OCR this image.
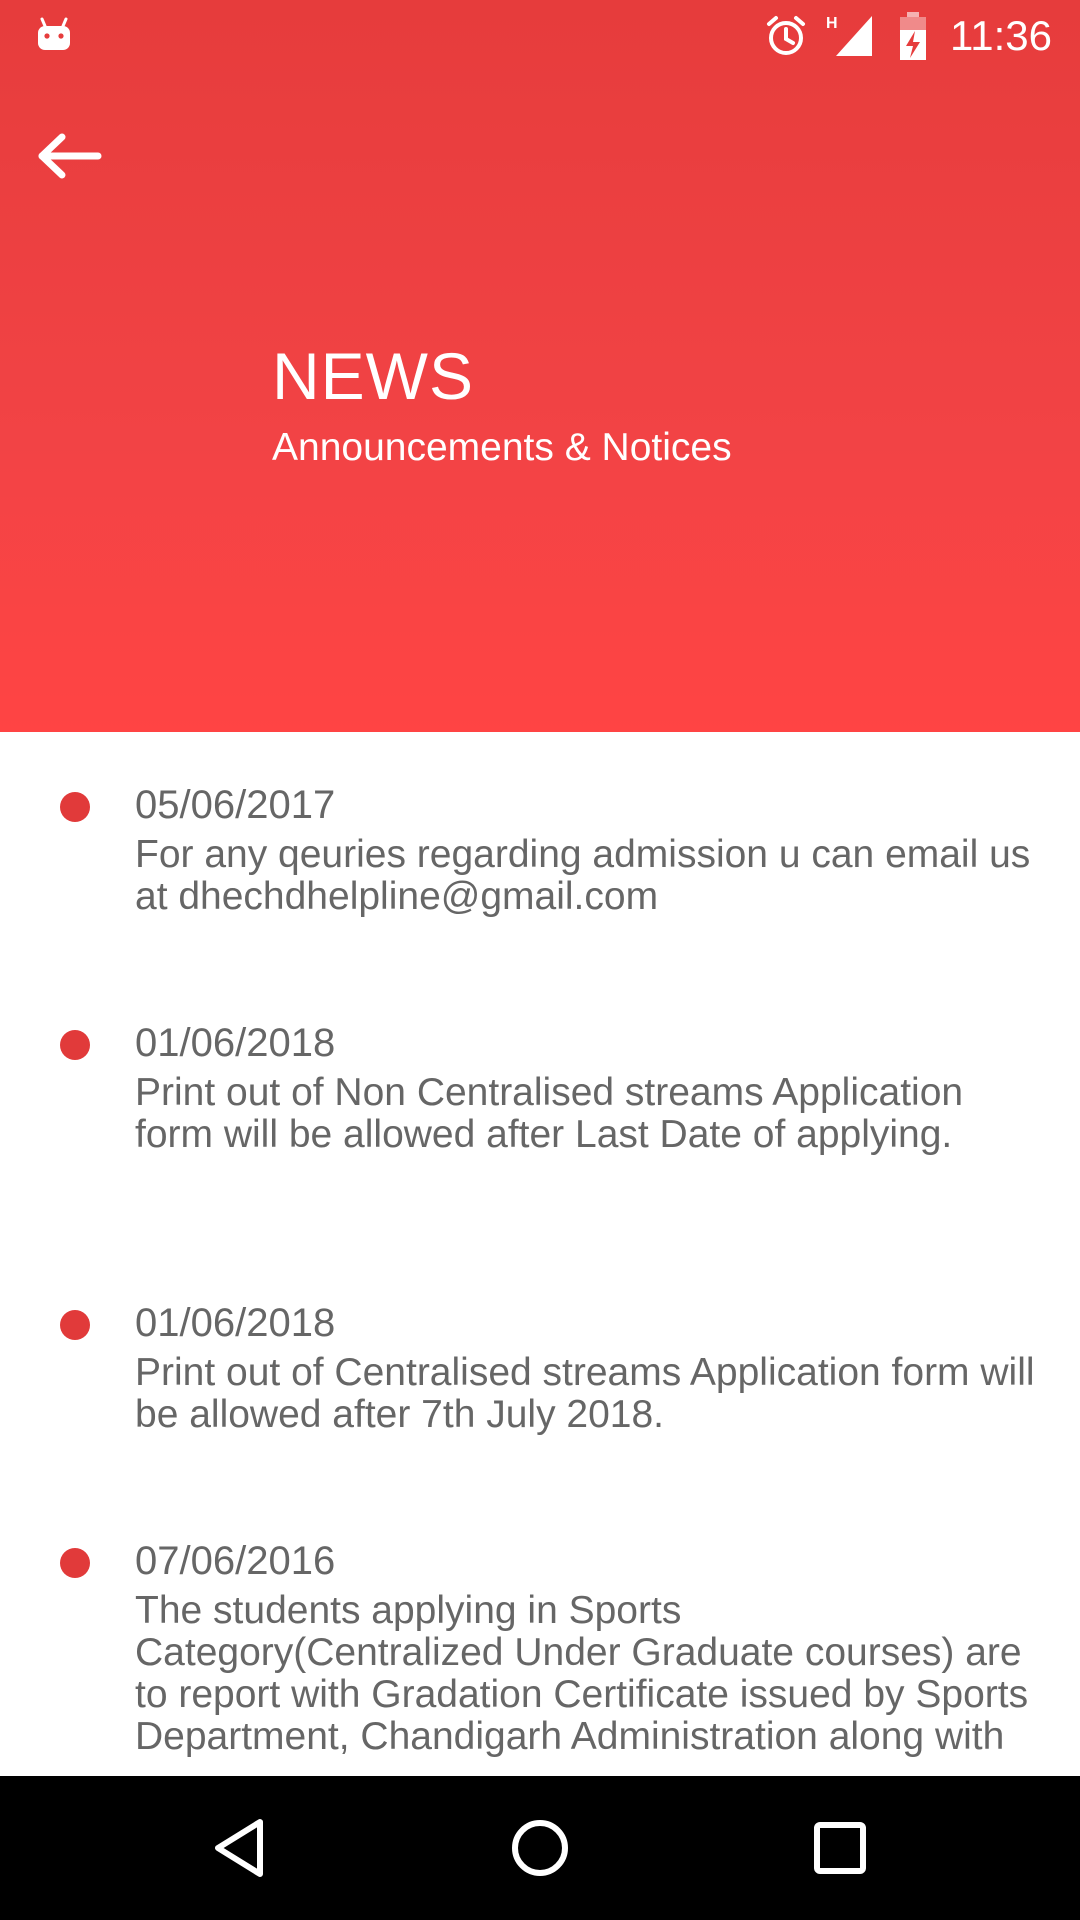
H	11:36
NEWS
Announcements & Notices
05/06/2017
For any qeuries regarding admission u can email us at dhechdhelpline@gmail.com
01/06/2018
Print out of Non Centralised streams Application form will be allowed after Last Date of applying.
01/06/2018
Print out of Centralised streams Application form will be allowed after 7th July 2018.
07/06/2016
The students applying in Sports Category(Centralized Under Graduate courses) are to report with Gradation Certificate issued by Sports Department, Chandigarh Administration along with
